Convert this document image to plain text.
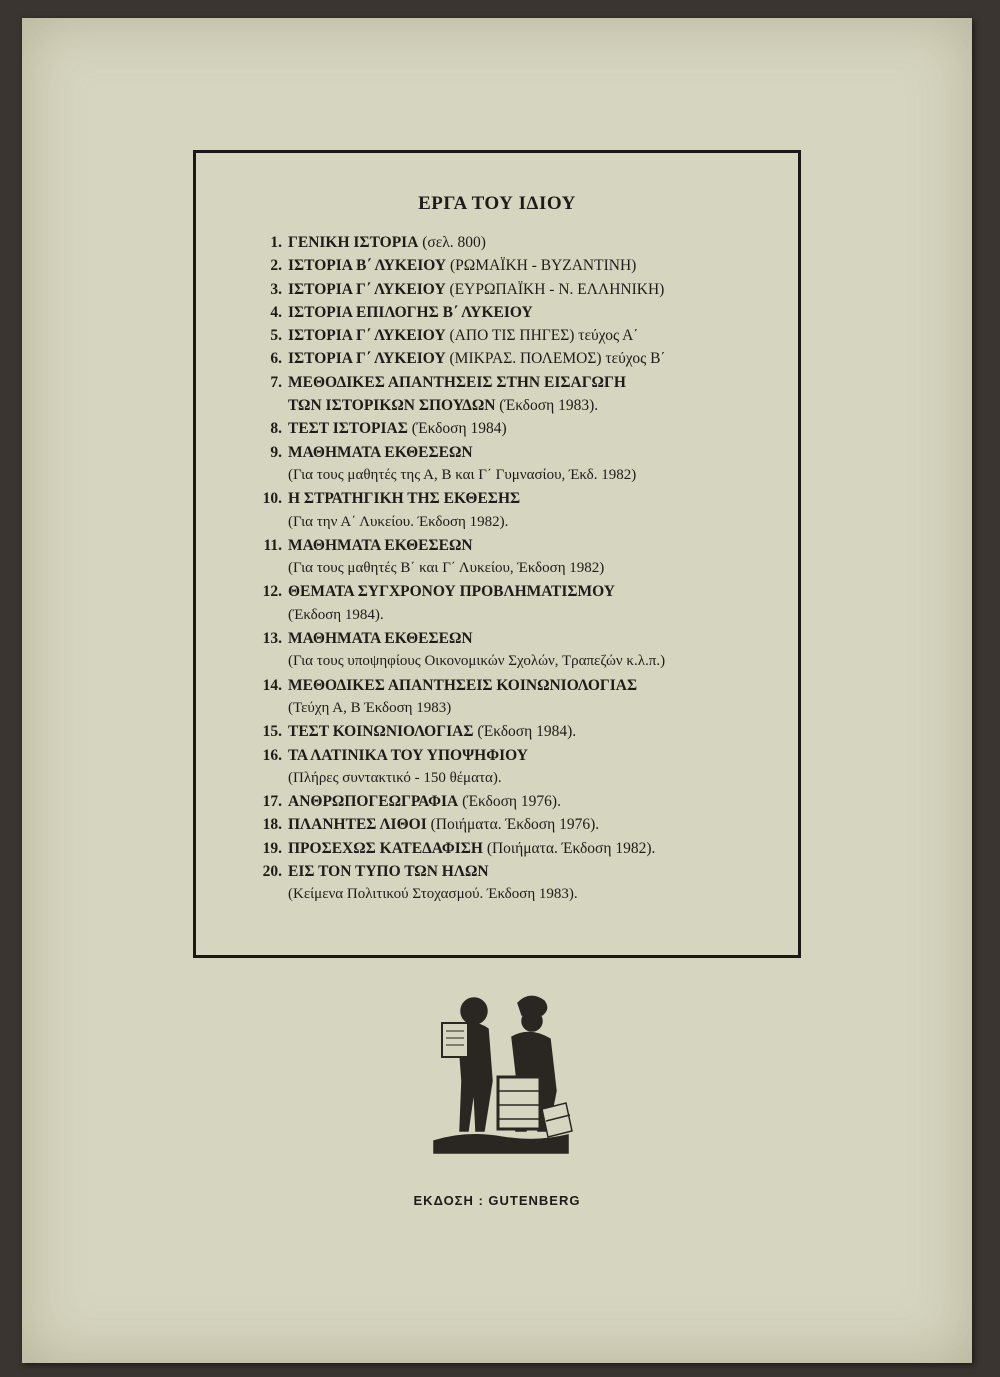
ΕΡΓΑ ΤΟΥ ΙΔΙΟΥ
1. ΓΕΝΙΚΗ ΙΣΤΟΡΙΑ (σελ. 800)
2. ΙΣΤΟΡΙΑ Β΄ ΛΥΚΕΙΟΥ (ΡΩΜΑΪΚΗ - ΒΥΖΑΝΤΙΝΗ)
3. ΙΣΤΟΡΙΑ Γ΄ ΛΥΚΕΙΟΥ (ΕΥΡΩΠΑΪΚΗ - Ν. ΕΛΛΗΝΙΚΗ)
4. ΙΣΤΟΡΙΑ ΕΠΙΛΟΓΗΣ Β΄ ΛΥΚΕΙΟΥ
5. ΙΣΤΟΡΙΑ Γ΄ ΛΥΚΕΙΟΥ (ΑΠΟ ΤΙΣ ΠΗΓΕΣ) τεύχος Α΄
6. ΙΣΤΟΡΙΑ Γ΄ ΛΥΚΕΙΟΥ (ΜΙΚΡΑΣ. ΠΟΛΕΜΟΣ) τεύχος Β΄
7. ΜΕΘΟΔΙΚΕΣ ΑΠΑΝΤΗΣΕΙΣ ΣΤΗΝ ΕΙΣΑΓΩΓΗ
ΤΩΝ ΙΣΤΟΡΙΚΩΝ ΣΠΟΥΔΩΝ (Έκδοση 1983).
8. ΤΕΣΤ ΙΣΤΟΡΙΑΣ (Έκδοση 1984)
9. ΜΑΘΗΜΑΤΑ ΕΚΘΕΣΕΩΝ
(Για τους μαθητές της Α, Β και Γ΄ Γυμνασίου, Έκδ. 1982)
10. Η ΣΤΡΑΤΗΓΙΚΗ ΤΗΣ ΕΚΘΕΣΗΣ
(Για την Α΄ Λυκείου. Έκδοση 1982).
11. ΜΑΘΗΜΑΤΑ ΕΚΘΕΣΕΩΝ
(Για τους μαθητές Β΄ και Γ΄ Λυκείου, Έκδοση 1982)
12. ΘΕΜΑΤΑ ΣΥΓΧΡΟΝΟΥ ΠΡΟΒΛΗΜΑΤΙΣΜΟΥ
(Έκδοση 1984).
13. ΜΑΘΗΜΑΤΑ ΕΚΘΕΣΕΩΝ
(Για τους υποψηφίους Οικονομικών Σχολών, Τραπεζών κ.λ.π.)
14. ΜΕΘΟΔΙΚΕΣ ΑΠΑΝΤΗΣΕΙΣ ΚΟΙΝΩΝΙΟΛΟΓΙΑΣ
(Τεύχη Α, Β Έκδοση 1983)
15. ΤΕΣΤ ΚΟΙΝΩΝΙΟΛΟΓΙΑΣ (Έκδοση 1984).
16. ΤΑ ΛΑΤΙΝΙΚΑ ΤΟΥ ΥΠΟΨΗΦΙΟΥ
(Πλήρες συντακτικό - 150 θέματα).
17. ΑΝΘΡΩΠΟΓΕΩΓΡΑΦΙΑ (Έκδοση 1976).
18. ΠΛΑΝΗΤΕΣ ΛΙΘΟΙ (Ποιήματα. Έκδοση 1976).
19. ΠΡΟΣΕΧΩΣ ΚΑΤΕΔΑΦΙΣΗ (Ποιήματα. Έκδοση 1982).
20. ΕΙΣ ΤΟΝ ΤΥΠΟ ΤΩΝ ΗΛΩΝ
(Κείμενα Πολιτικού Στοχασμού. Έκδοση 1983).
ΕΚΔΟΣΗ : GUTENBERG
